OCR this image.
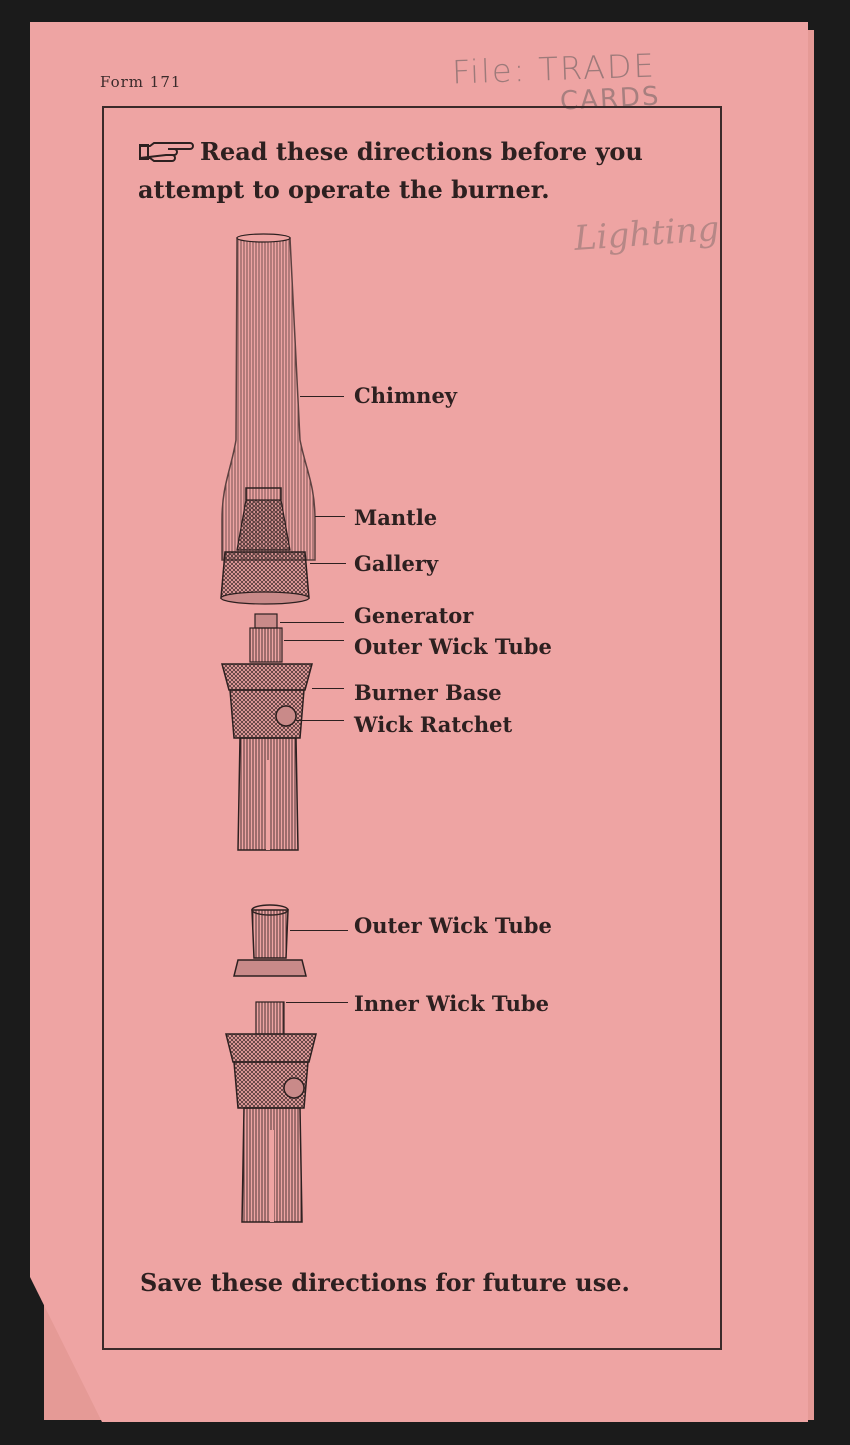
Form 171	File: TRADE
CARDS
Lighting
Read these directions before you
attempt to operate the burner.
Chimney
Mantle
Gallery
Generator
Outer Wick Tube
Burner Base
Wick Ratchet
Outer Wick Tube
Inner Wick Tube
Save these directions for future use.
